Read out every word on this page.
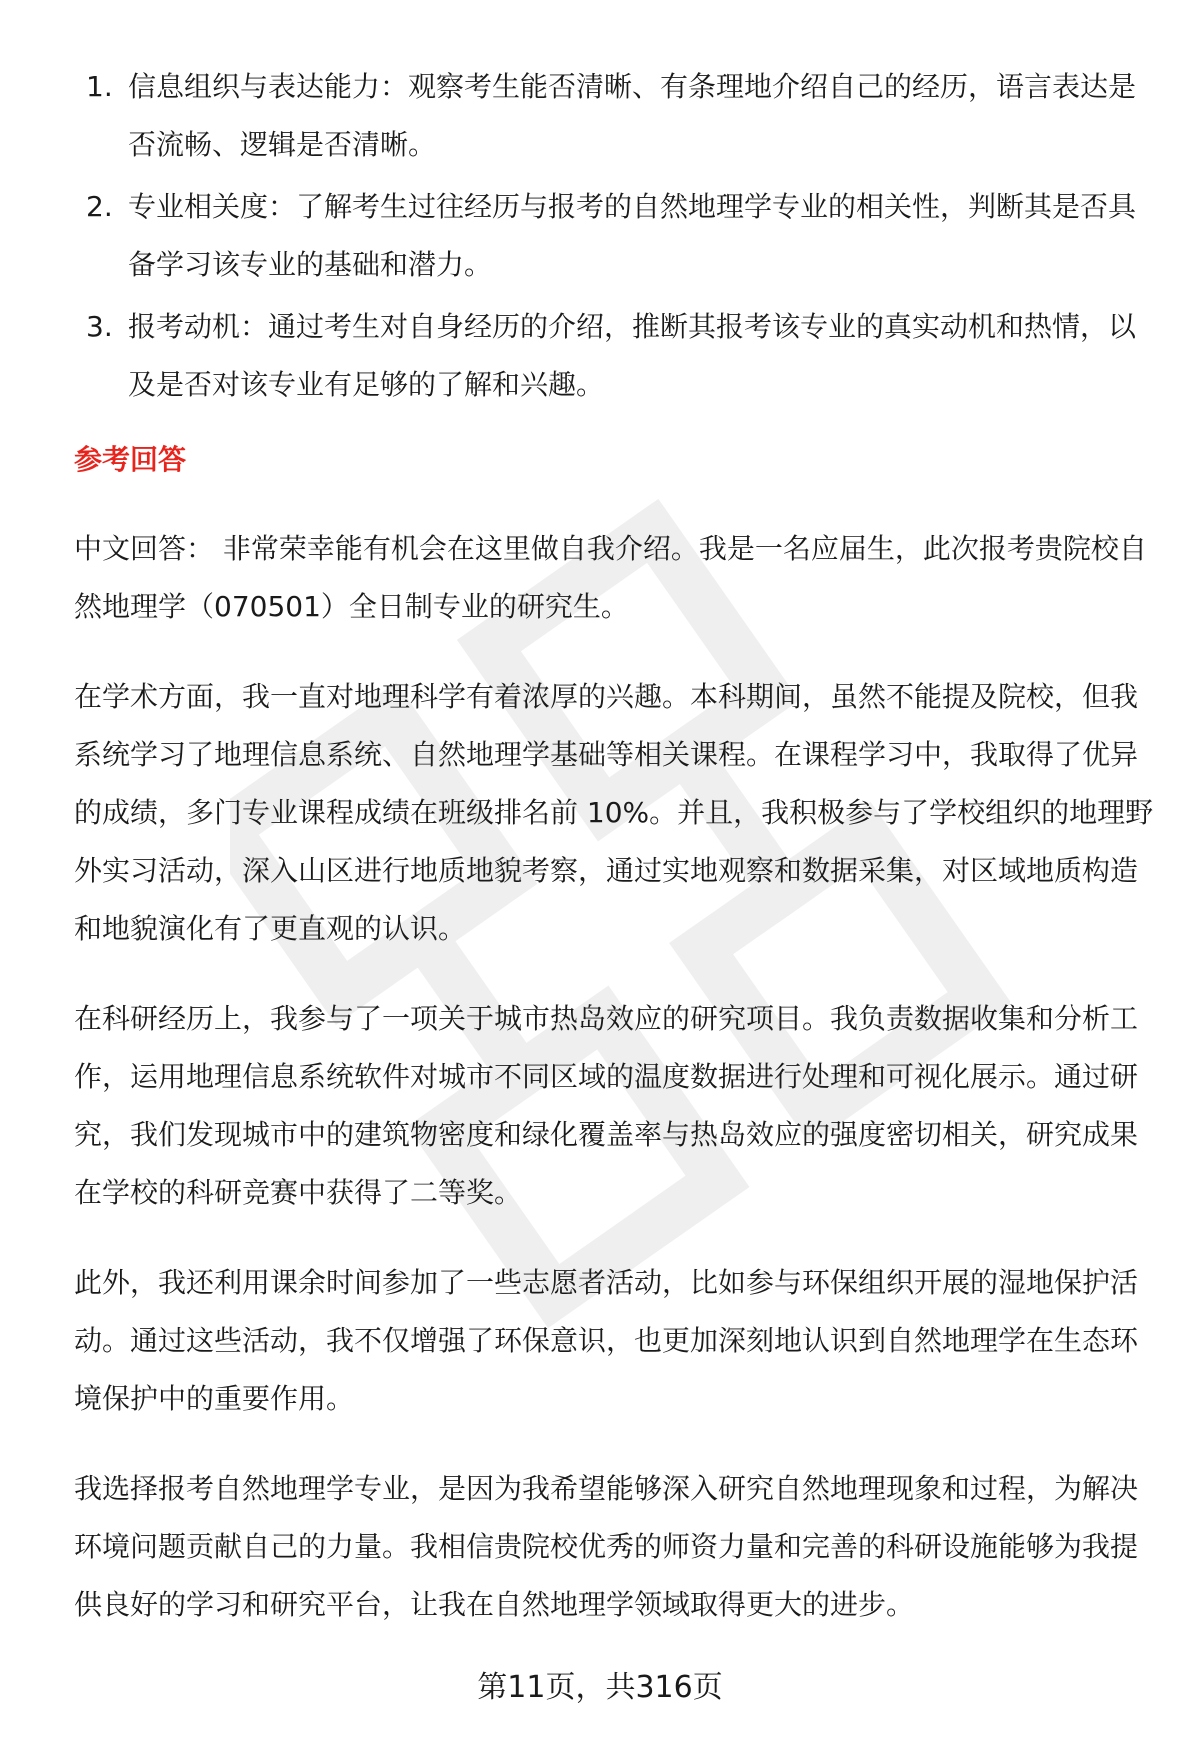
1. 信息组织与表达能力：观察考生能否清晰、有条理地介绍自己的经历，语言表达是否流畅、逻辑是否清晰。
2. 专业相关度：了解考生过往经历与报考的自然地理学专业的相关性，判断其是否具备学习该专业的基础和潜力。
3. 报考动机：通过考生对自身经历的介绍，推断其报考该专业的真实动机和热情，以及是否对该专业有足够的了解和兴趣。
参考回答

中文回答： 非常荣幸能有机会在这里做自我介绍。我是一名应届生，此次报考贵院校自然地理学（070501）全日制专业的研究生。

在学术方面，我一直对地理科学有着浓厚的兴趣。本科期间，虽然不能提及院校，但我系统学习了地理信息系统、自然地理学基础等相关课程。在课程学习中，我取得了优异的成绩，多门专业课程成绩在班级排名前 10%。并且，我积极参与了学校组织的地理野外实习活动，深入山区进行地质地貌考察，通过实地观察和数据采集，对区域地质构造和地貌演化有了更直观的认识。

在科研经历上，我参与了一项关于城市热岛效应的研究项目。我负责数据收集和分析工作，运用地理信息系统软件对城市不同区域的温度数据进行处理和可视化展示。通过研究，我们发现城市中的建筑物密度和绿化覆盖率与热岛效应的强度密切相关，研究成果在学校的科研竞赛中获得了二等奖。

此外，我还利用课余时间参加了一些志愿者活动，比如参与环保组织开展的湿地保护活动。通过这些活动，我不仅增强了环保意识，也更加深刻地认识到自然地理学在生态环境保护中的重要作用。

我选择报考自然地理学专业，是因为我希望能够深入研究自然地理现象和过程，为解决环境问题贡献自己的力量。我相信贵院校优秀的师资力量和完善的科研设施能够为我提供良好的学习和研究平台，让我在自然地理学领域取得更大的进步。

第11页，共316页
